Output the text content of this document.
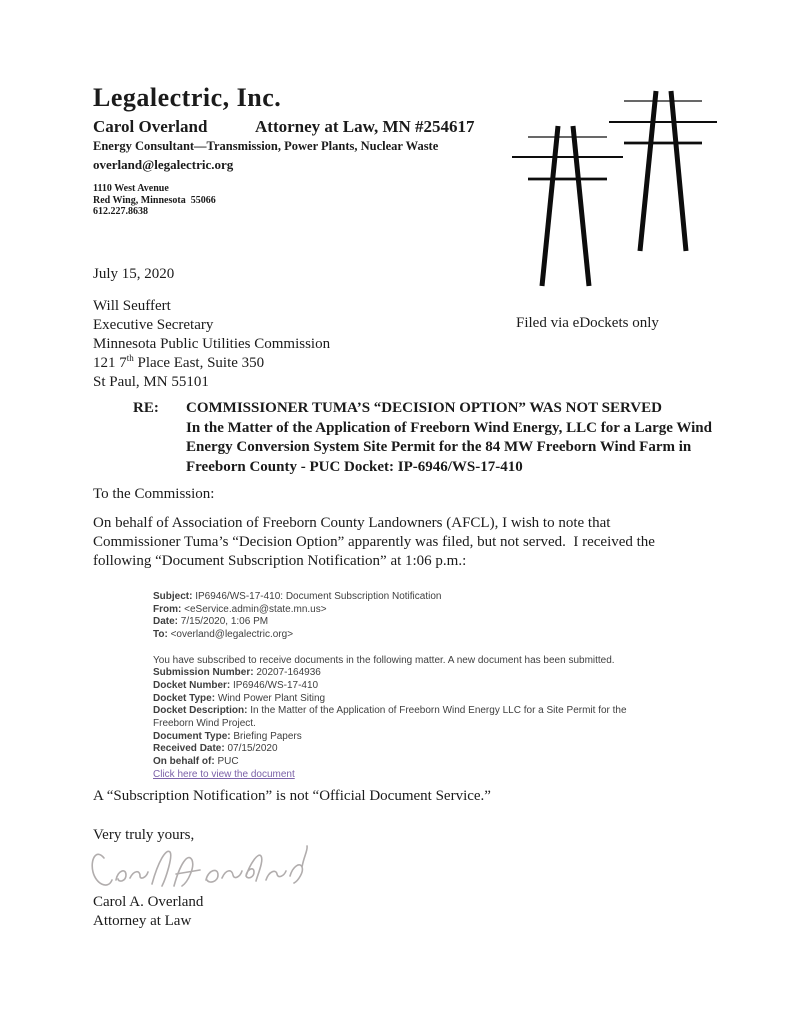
Legalectric, Inc.
Carol Overland	Attorney at Law, MN #254617
Energy Consultant—Transmission, Power Plants, Nuclear Waste
overland@legalectric.org
1110 West Avenue
Red Wing, Minnesota  55066
612.227.8638
July 15, 2020
Will Seuffert
Executive Secretary
Minnesota Public Utilities Commission
121 7th Place East, Suite 350
St Paul, MN 55101
Filed via eDockets only
RE:	COMMISSIONER TUMA’S “DECISION OPTION” WAS NOT SERVED
In the Matter of the Application of Freeborn Wind Energy, LLC for a Large Wind
Energy Conversion System Site Permit for the 84 MW Freeborn Wind Farm in
Freeborn County - PUC Docket: IP-6946/WS-17-410
To the Commission:
On behalf of Association of Freeborn County Landowners (AFCL), I wish to note that
Commissioner Tuma’s “Decision Option” apparently was filed, but not served.  I received the
following “Document Subscription Notification” at 1:06 p.m.:
Subject: IP6946/WS-17-410: Document Subscription Notification
From: <eService.admin@state.mn.us>
Date: 7/15/2020, 1:06 PM
To: <overland@legalectric.org>
You have subscribed to receive documents in the following matter. A new document has been submitted.
Submission Number: 20207-164936
Docket Number: IP6946/WS-17-410
Docket Type: Wind Power Plant Siting
Docket Description: In the Matter of the Application of Freeborn Wind Energy LLC for a Site Permit for the
Freeborn Wind Project.
Document Type: Briefing Papers
Received Date: 07/15/2020
On behalf of: PUC
Click here to view the document
A “Subscription Notification” is not “Official Document Service.”
Very truly yours,
Carol A. Overland
Attorney at Law
